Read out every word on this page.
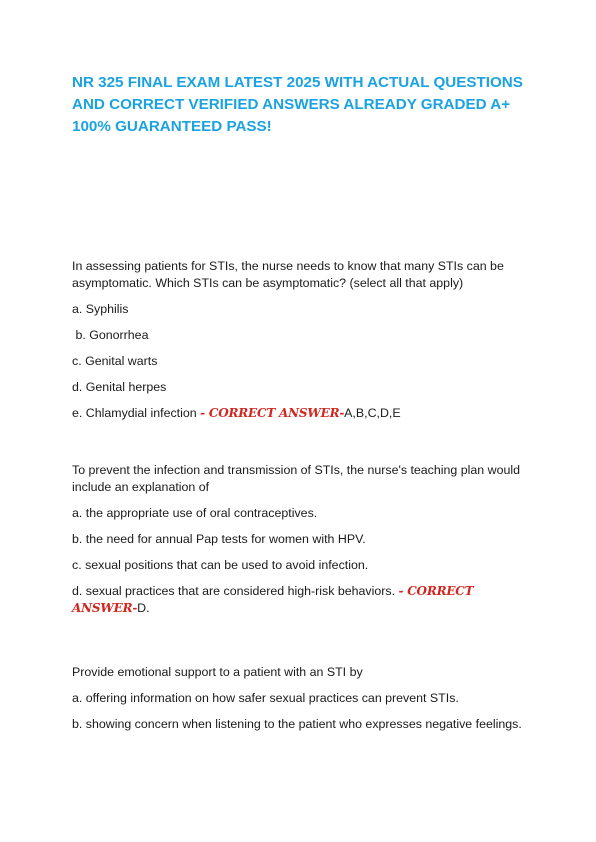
NR 325 FINAL EXAM LATEST 2025 WITH ACTUAL QUESTIONS AND CORRECT VERIFIED ANSWERS ALREADY GRADED A+ 100% GUARANTEED PASS!

In assessing patients for STIs, the nurse needs to know that many STIs can be asymptomatic. Which STIs can be asymptomatic? (select all that apply)

a. Syphilis

b. Gonorrhea

c. Genital warts

d. Genital herpes

e. Chlamydial infection - CORRECT ANSWER-A,B,C,D,E

To prevent the infection and transmission of STIs, the nurse's teaching plan would include an explanation of

a. the appropriate use of oral contraceptives.

b. the need for annual Pap tests for women with HPV.

c. sexual positions that can be used to avoid infection.

d. sexual practices that are considered high-risk behaviors. - CORRECT ANSWER-D.

Provide emotional support to a patient with an STI by

a. offering information on how safer sexual practices can prevent STIs.

b. showing concern when listening to the patient who expresses negative feelings.
